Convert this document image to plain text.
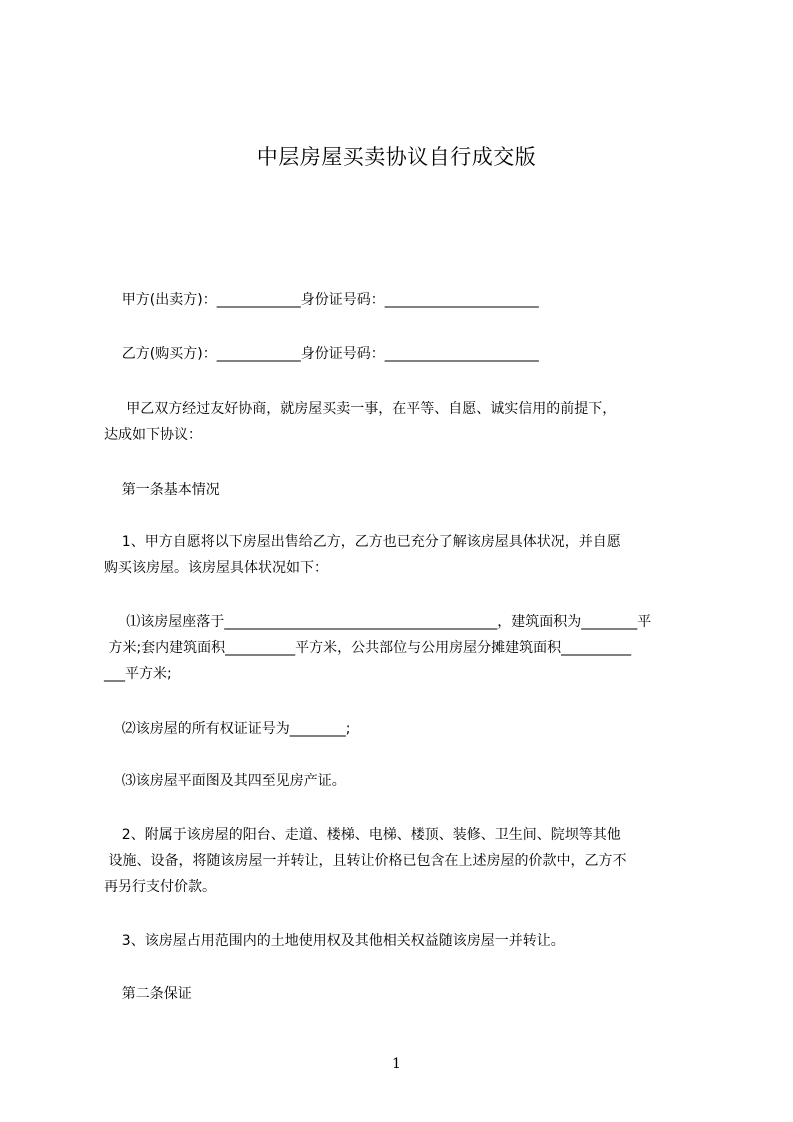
中层房屋买卖协议自行成交版
甲方(出卖方)：____________身份证号码：______________________
乙方(购买方)：____________身份证号码：______________________
甲乙双方经过友好协商，就房屋买卖一事，在平等、自愿、诚实信用的前提下，
达成如下协议：
第一条基本情况
1、甲方自愿将以下房屋出售给乙方，乙方也已充分了解该房屋具体状况，并自愿
购买该房屋。该房屋具体状况如下：
⑴该房屋座落于_______________________________________，建筑面积为________平
方米;套内建筑面积__________平方米，公共部位与公用房屋分摊建筑面积__________
___平方米;
⑵该房屋的所有权证证号为________;
⑶该房屋平面图及其四至见房产证。
2、附属于该房屋的阳台、走道、楼梯、电梯、楼顶、装修、卫生间、院坝等其他
设施、设备，将随该房屋一并转让，且转让价格已包含在上述房屋的价款中，乙方不
再另行支付价款。
3、该房屋占用范围内的土地使用权及其他相关权益随该房屋一并转让。
第二条保证
1
